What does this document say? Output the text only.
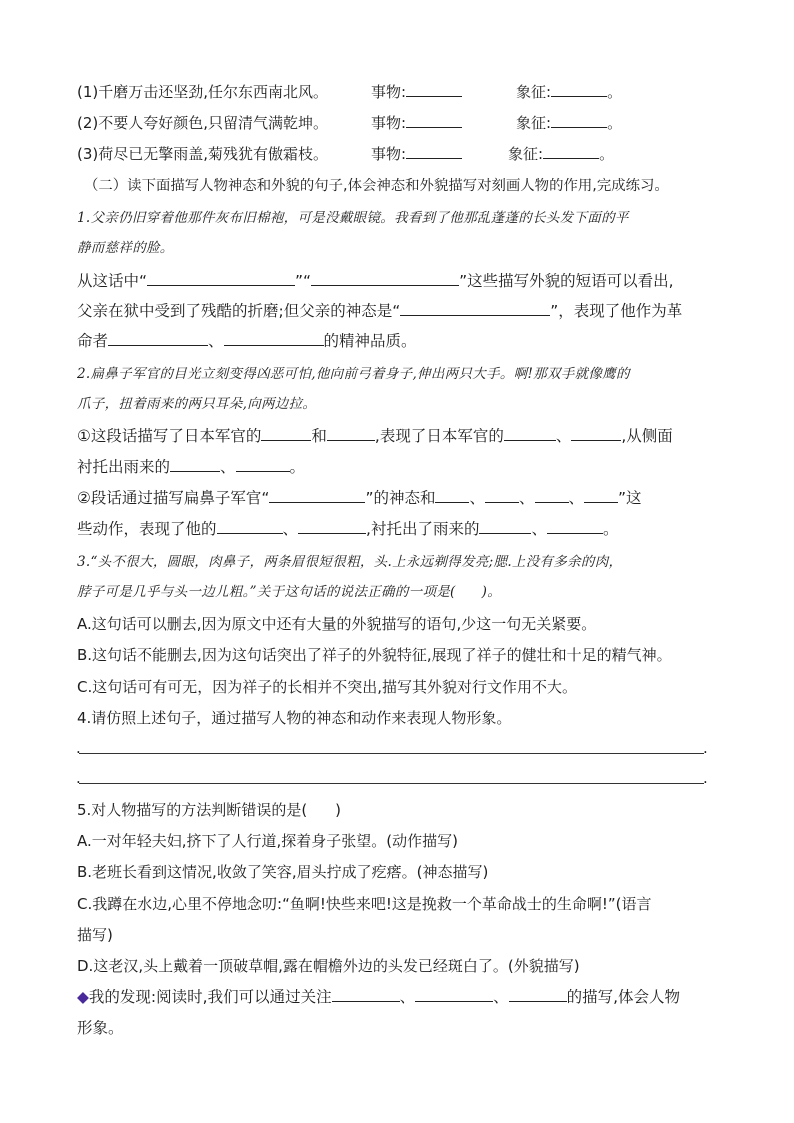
(1)千磨万击还坚劲,任尔东西南北风。	事物:	象征:	。
(2)不要人夸好颜色,只留清气满乾坤。	事物:	象征:	。
(3)荷尽已无擎雨盖,菊残犹有傲霜枝。	事物:	象征:	。
（二）读下面描写人物神态和外貌的句子,体会神态和外貌描写对刻画人物的作用,完成练习。
1.父亲仍旧穿着他那件灰布旧棉袍，可是没戴眼镜。我看到了他那乱蓬蓬的长头发下面的平
静而慈祥的脸。
从这话中“	”“	”这些描写外貌的短语可以看出,
父亲在狱中受到了残酷的折磨;但父亲的神态是“	”，表现了他作为革
命者	、	的精神品质。
2.扁鼻子军官的目光立刻变得凶恶可怕,他向前弓着身子,伸出两只大手。啊!那双手就像鹰的
爪子，扭着雨来的两只耳朵,向两边拉。
①这段话描写了日本军官的	和	,表现了日本军官的	、	,从侧面
衬托出雨来的	、	。
②段话通过描写扁鼻子军官“	”的神态和 、 、 、 ”这
些动作，表现了他的	、	,衬托出了雨来的	、	。
3.“头不很大，圆眼，肉鼻子，两条眉很短很粗，头.上永远剃得发亮;腮.上没有多余的肉，
脖子可是几乎与头一边儿粗。”关于这句话的说法正确的一项是( )。
A.这句话可以删去,因为原文中还有大量的外貌描写的语句,少这一句无关紧要。
B.这句话不能删去,因为这句话突出了祥子的外貌特征,展现了祥子的健壮和十足的精气神。
C.这句话可有可无，因为祥子的长相并不突出,描写其外貌对行文作用不大。
4.请仿照上述句子，通过描写人物的神态和动作来表现人物形象。
.	.
.	.
5.对人物描写的方法判断错误的是( )
A.一对年轻夫妇,挤下了人行道,探着身子张望。(动作描写)
B.老班长看到这情况,收敛了笑容,眉头拧成了疙瘩。(神态描写)
C.我蹲在水边,心里不停地念叨:“鱼啊!快些来吧!这是挽救一个革命战士的生命啊!”(语言
描写)
D.这老汉,头上戴着一顶破草帽,露在帽檐外边的头发已经斑白了。(外貌描写)
◆我的发现:阅读时,我们可以通过关注	、	、	的描写,体会人物
形象。
